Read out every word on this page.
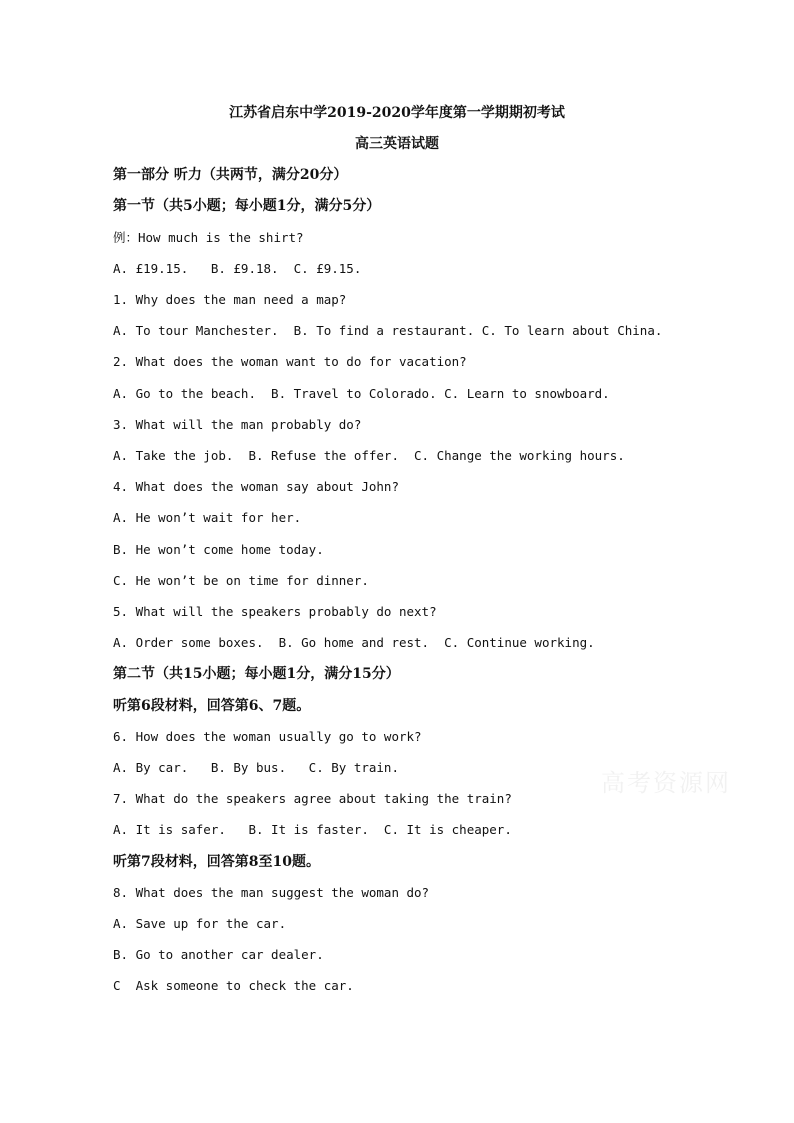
江苏省启东中学2019-2020学年度第一学期期初考试
高三英语试题
第一部分 听力（共两节，满分20分）
第一节（共5小题；每小题1分，满分5分）
例：How much is the shirt?
A. £19.15.   B. £9.18.  C. £9.15.
1. Why does the man need a map?
A. To tour Manchester.  B. To find a restaurant. C. To learn about China.
2. What does the woman want to do for vacation?
A. Go to the beach.  B. Travel to Colorado. C. Learn to snowboard.
3. What will the man probably do?
A. Take the job.  B. Refuse the offer.  C. Change the working hours.
4. What does the woman say about John?
A. He won’t wait for her.
B. He won’t come home today.
C. He won’t be on time for dinner.
5. What will the speakers probably do next?
A. Order some boxes.  B. Go home and rest.  C. Continue working.
第二节（共15小题；每小题1分，满分15分）
听第6段材料，回答第6、7题。
6. How does the woman usually go to work?
A. By car.   B. By bus.   C. By train.
7. What do the speakers agree about taking the train?
A. It is safer.   B. It is faster.  C. It is cheaper.
听第7段材料，回答第8至10题。
8. What does the man suggest the woman do?
A. Save up for the car.
B. Go to another car dealer.
C  Ask someone to check the car.
高考资源网
